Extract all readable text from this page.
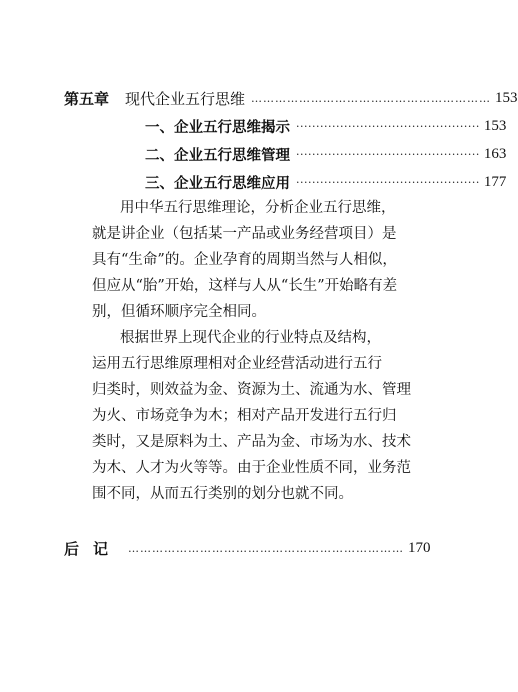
第五章 现代企业五行思维 …………………………………………………… 153
一、企业五行思维揭示 ·············································· 153
二、企业五行思维管理 ·············································· 163
三、企业五行思维应用 ·············································· 177
用中华五行思维理论，分析企业五行思维，
就是讲企业（包括某一产品或业务经营项目）是
具有“生命”的。企业孕育的周期当然与人相似，
但应从“胎”开始，这样与人从“长生”开始略有差
别，但循环顺序完全相同。
根据世界上现代企业的行业特点及结构，
运用五行思维原理相对企业经营活动进行五行
归类时，则效益为金、资源为土、流通为水、管理
为火、市场竞争为木；相对产品开发进行五行归
类时，又是原料为土、产品为金、市场为水、技术
为木、人才为火等等。由于企业性质不同，业务范
围不同，从而五行类别的划分也就不同。
后记 …………………………………………………………… 170
